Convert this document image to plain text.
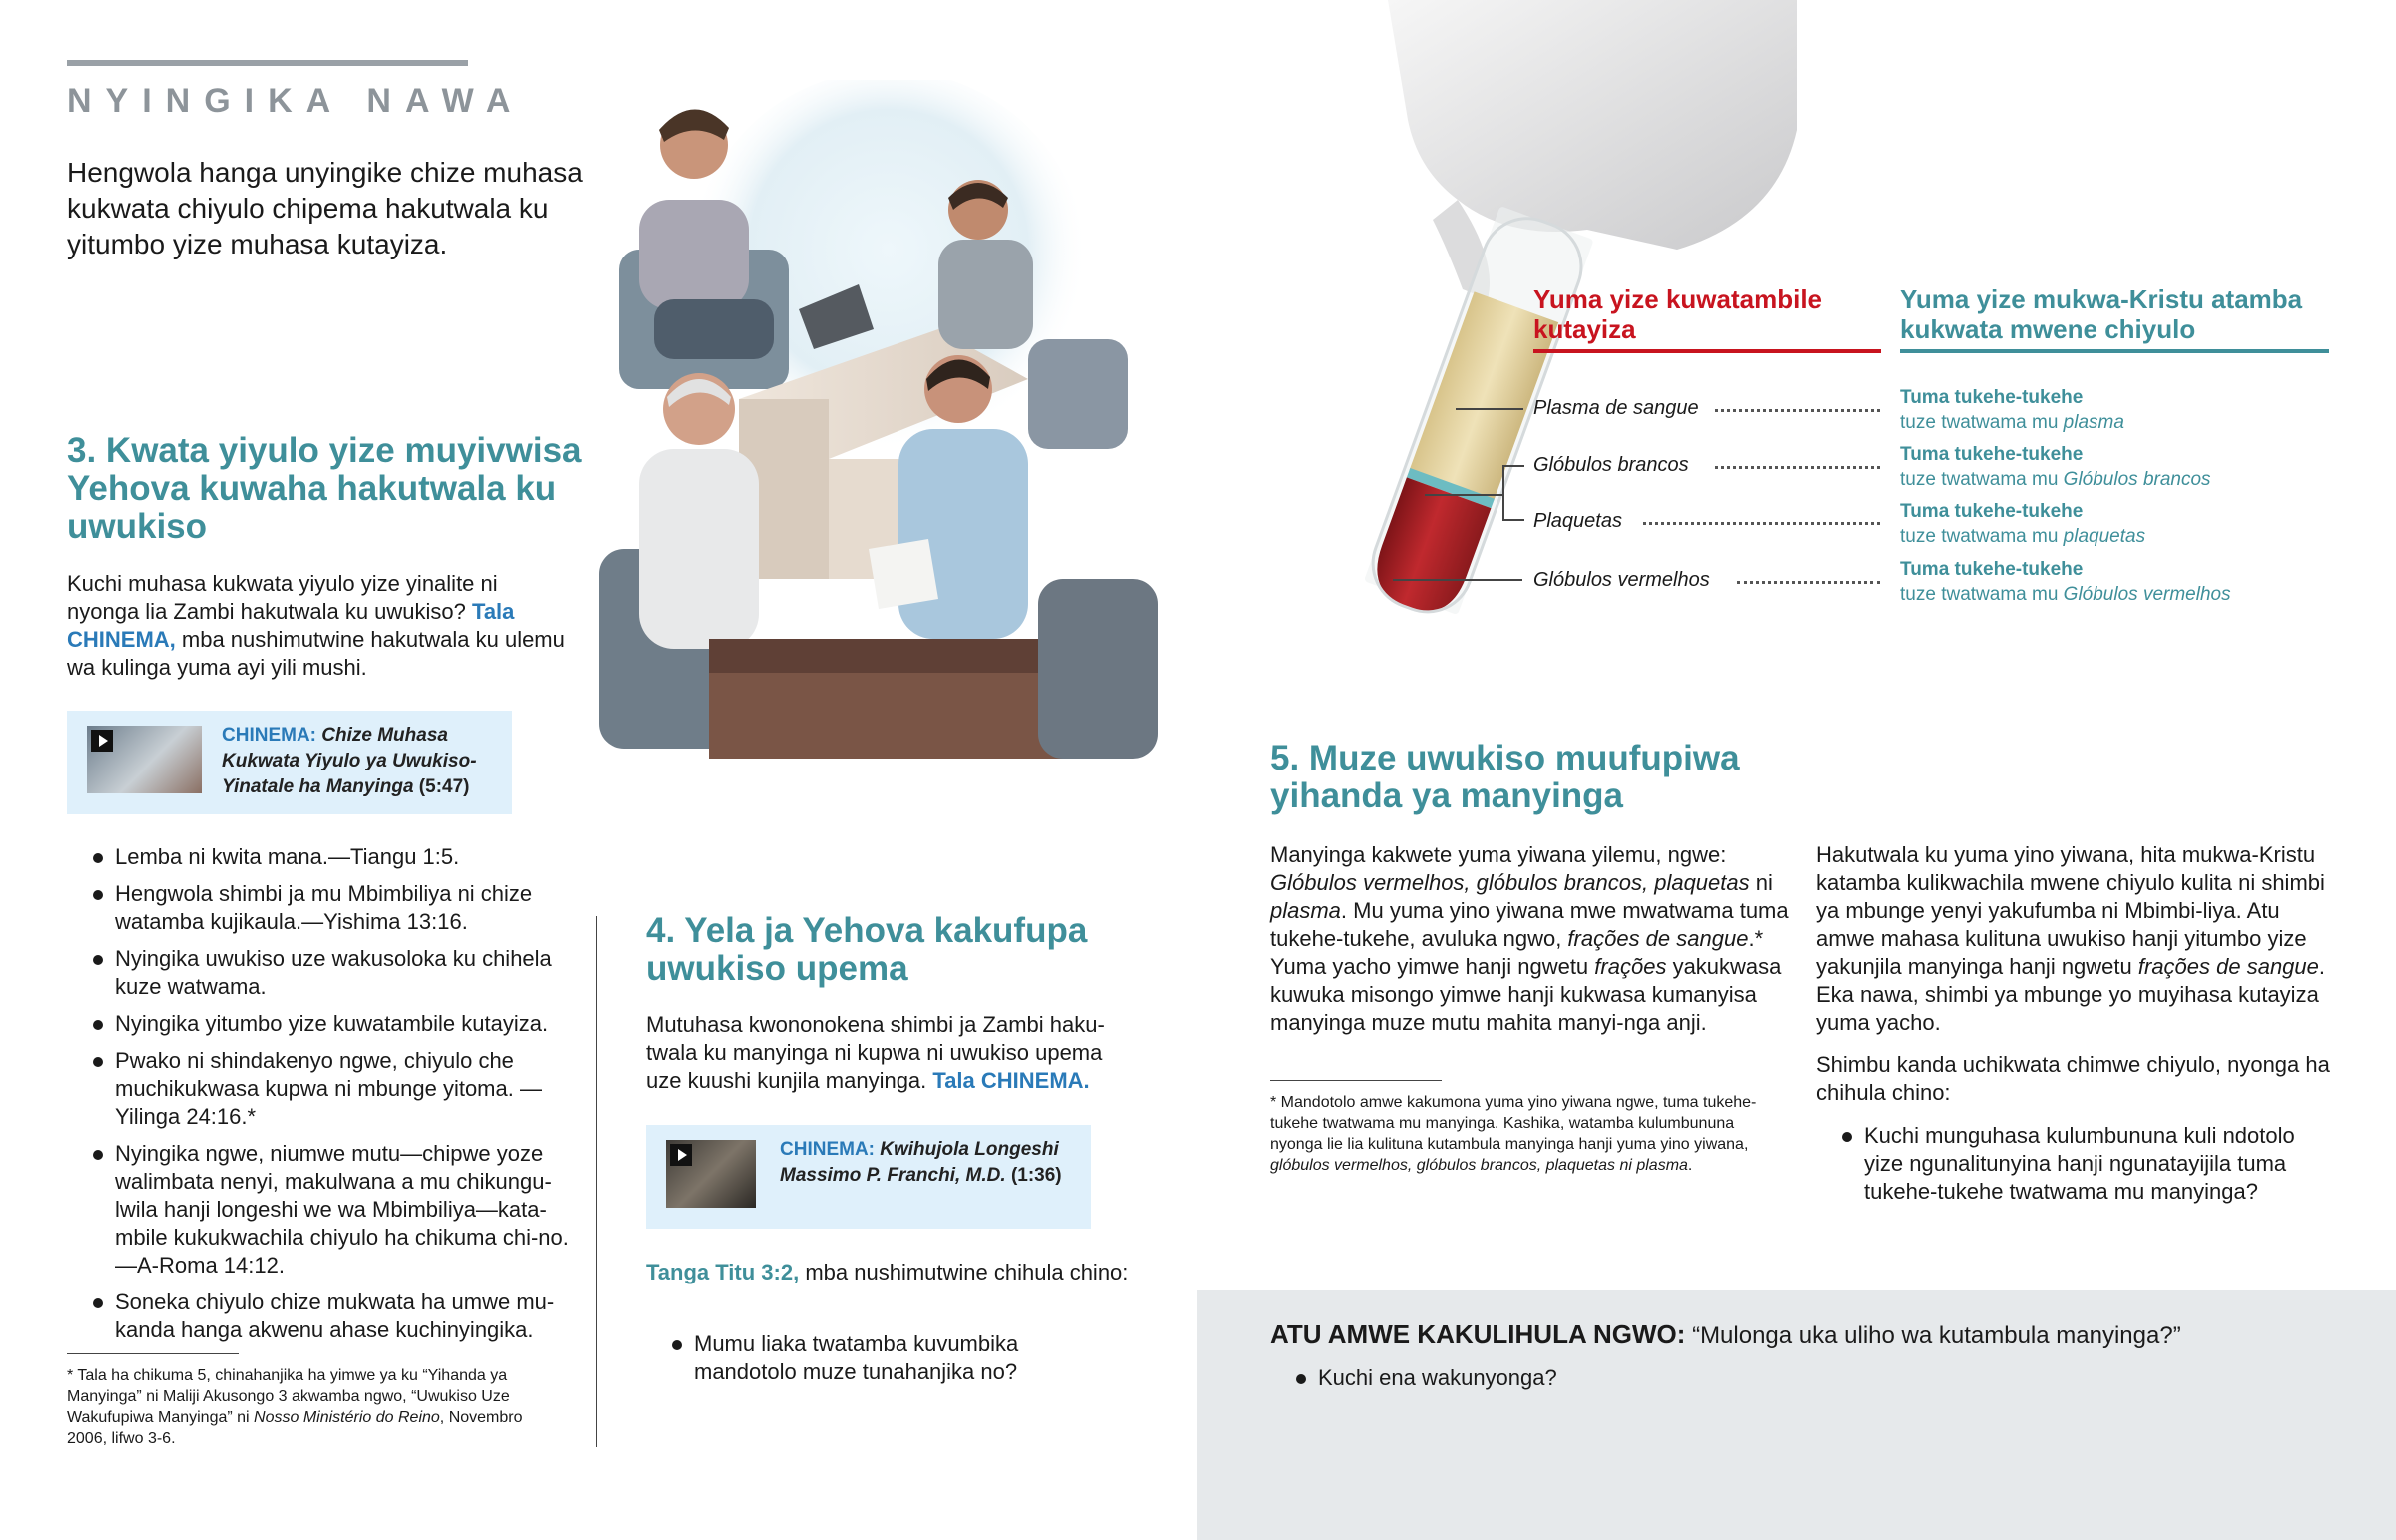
NYINGIKA NAWA
Hengwola hanga unyingike chize muhasa kukwata chiyulo chipema hakutwala ku yitumbo yize muhasa kutayiza.
3. Kwata yiyulo yize muyivwisa Yehova kuwaha hakutwala ku uwukiso
Kuchi muhasa kukwata yiyulo yize yinalite ni nyonga lia Zambi hakutwala ku uwukiso? Tala CHINEMA, mba nushimutwine hakutwala ku ulemu wa kulinga yuma ayi yili mushi.
CHINEMA: Chize Muhasa Kukwata Yiyulo ya Uwukiso-Yinatale ha Manyinga (5:47)
Lemba ni kwita mana.—Tiangu 1:5.
Hengwola shimbi ja mu Mbimbiliya ni chize watamba kujikaula.—Yishima 13:16.
Nyingika uwukiso uze wakusoloka ku chihela kuze watwama.
Nyingika yitumbo yize kuwatambile kutayiza.
Pwako ni shindakenyo ngwe, chiyulo che muchikukwasa kupwa ni mbunge yitoma. —Yilinga 24:16.*
Nyingika ngwe, niumwe mutu—chipwe yoze walimbata nenyi, makulwana a mu chikungu-lwila hanji longeshi we wa Mbimbiliya—kata-mbile kukukwachila chiyulo ha chikuma chi-no.—A-Roma 14:12.
Soneka chiyulo chize mukwata ha umwe mu-kanda hanga akwenu ahase kuchinyingika.
* Tala ha chikuma 5, chinahanjika ha yimwe ya ku “Yihanda ya Manyinga” ni Maliji Akusongo 3 akwamba ngwo, “Uwukiso Uze Wakufupiwa Manyinga” ni Nosso Ministério do Reino, Novembro 2006, lifwo 3-6.
4. Yela ja Yehova kakufupa uwukiso upema
Mutuhasa kwononokena shimbi ja Zambi haku-twala ku manyinga ni kupwa ni uwukiso upema uze kuushi kunjila manyinga. Tala CHINEMA.
CHINEMA: Kwihujola Longeshi Massimo P. Franchi, M.D. (1:36)
Tanga Titu 3:2, mba nushimutwine chihula chino:
Mumu liaka twatamba kuvumbika mandotolo muze tunahanjika no?
Yuma yize kuwatambile kutayiza
Yuma yize mukwa-Kristu atamba kukwata mwene chiyulo
Plasma de sangue	Tuma tukehe-tukehe
tuze twatwama mu plasma
Glóbulos brancos	Tuma tukehe-tukehe
tuze twatwama mu Glóbulos brancos
Plaquetas	Tuma tukehe-tukehe
tuze twatwama mu plaquetas
Glóbulos vermelhos	Tuma tukehe-tukehe
tuze twatwama mu Glóbulos vermelhos
5. Muze uwukiso muufupiwa yihanda ya manyinga
Manyinga kakwete yuma yiwana yilemu, ngwe: Glóbulos vermelhos, glóbulos brancos, plaquetas ni plasma. Mu yuma yino yiwana mwe mwatwama tuma tukehe-tukehe, avuluka ngwo, frações de sangue.* Yuma yacho yimwe hanji ngwetu frações yakukwasa kuwuka misongo yimwe hanji kukwasa kumanyisa manyinga muze mutu mahita manyi-nga anji.
* Mandotolo amwe kakumona yuma yino yiwana ngwe, tuma tukehe-tukehe twatwama mu manyinga. Kashika, watamba kulumbununa nyonga lie lia kulituna kutambula manyinga hanji yuma yino yiwana, glóbulos vermelhos, glóbulos brancos, plaquetas ni plasma.
Hakutwala ku yuma yino yiwana, hita mukwa-Kristu katamba kulikwachila mwene chiyulo kulita ni shimbi ya mbunge yenyi yakufumba ni Mbimbi-liya. Atu amwe mahasa kulituna uwukiso hanji yitumbo yize yakunjila manyinga hanji ngwetu frações de sangue. Eka nawa, shimbi ya mbunge yo muyihasa kutayiza yuma yacho.
Shimbu kanda uchikwata chimwe chiyulo, nyonga ha chihula chino:
Kuchi munguhasa kulumbununa kuli ndotolo yize ngunalitunyina hanji ngunatayijila tuma tukehe-tukehe twatwama mu manyinga?
ATU AMWE KAKULIHULA NGWO: “Mulonga uka uliho wa kutambula manyinga?”
Kuchi ena wakunyonga?
